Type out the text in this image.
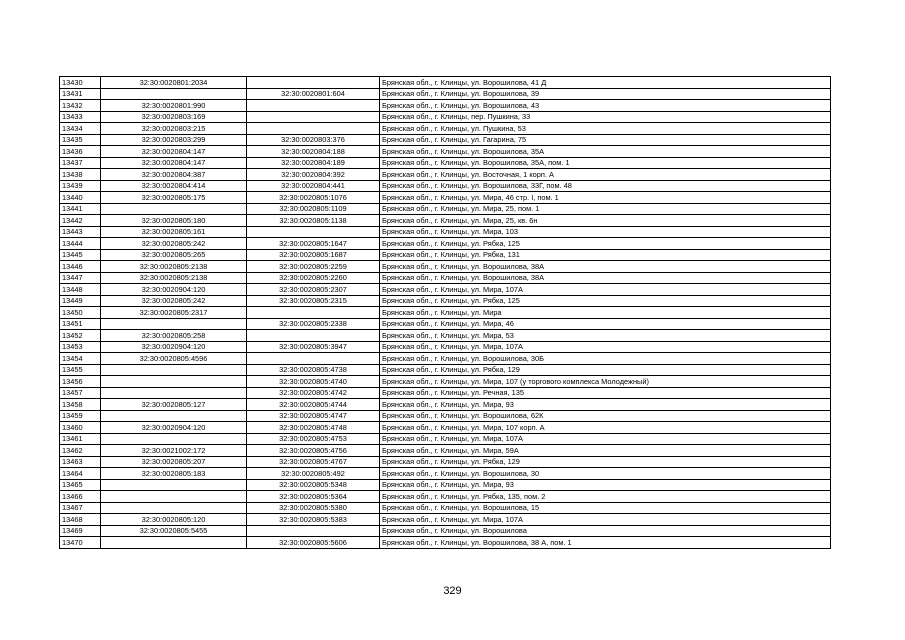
13430	32:30:0020801:2034		Брянская обл., г. Клинцы, ул. Ворошилова, 41 Д
13431		32:30:0020801:604	Брянская обл., г. Клинцы, ул. Ворошилова, 39
13432	32:30:0020801:990		Брянская обл., г. Клинцы, ул. Ворошилова, 43
13433	32:30:0020803:169		Брянская обл., г. Клинцы, пер. Пушкина, 33
13434	32:30:0020803:215		Брянская обл., г. Клинцы, ул. Пушкина, 53
13435	32:30:0020803:299	32:30:0020803:376	Брянская обл., г. Клинцы, ул. Гагарина, 75
13436	32:30:0020804:147	32:30:0020804:188	Брянская обл., г. Клинцы, ул. Ворошилова, 35А
13437	32:30:0020804:147	32:30:0020804:189	Брянская обл., г. Клинцы, ул. Ворошилова, 35А, пом. 1
13438	32:30:0020804:387	32:30:0020804:392	Брянская обл., г. Клинцы, ул. Восточная, 1 корп. А
13439	32:30:0020804:414	32:30:0020804:441	Брянская обл., г. Клинцы, ул. Ворошилова, 33Г, пом. 48
13440	32:30:0020805:175	32:30:0020805:1076	Брянская обл., г. Клинцы, ул. Мира, 46 стр. I, пом. 1
13441		32:30:0020805:1109	Брянская обл., г. Клинцы, ул. Мира, 25, пом. 1
13442	32:30:0020805:180	32:30:0020805:1138	Брянская обл., г. Клинцы, ул. Мира, 25, кв. 6н
13443	32:30:0020805:161		Брянская обл., г. Клинцы, ул. Мира, 103
13444	32:30:0020805:242	32:30:0020805:1647	Брянская обл., г. Клинцы, ул. Рябка, 125
13445	32:30:0020805:265	32:30:0020805:1687	Брянская обл., г. Клинцы, ул. Рябка, 131
13446	32:30:0020805:2138	32:30:0020805:2259	Брянская обл., г. Клинцы, ул. Ворошилова, 38А
13447	32:30:0020805:2138	32:30:0020805:2260	Брянская обл., г. Клинцы, ул. Ворошилова, 38А
13448	32:30:0020904:120	32:30:0020805:2307	Брянская обл., г. Клинцы, ул. Мира, 107А
13449	32:30:0020805:242	32:30:0020805:2315	Брянская обл., г. Клинцы, ул. Рябка, 125
13450	32:30:0020805:2317		Брянская обл., г. Клинцы, ул. Мира
13451		32:30:0020805:2338	Брянская обл., г. Клинцы, ул. Мира, 46
13452	32:30:0020805:258		Брянская обл., г. Клинцы, ул. Мира, 53
13453	32:30:0020904:120	32:30:0020805:3947	Брянская обл., г. Клинцы, ул. Мира, 107А
13454	32:30:0020805:4596		Брянская обл., г. Клинцы, ул. Ворошилова, 30Б
13455		32:30:0020805:4738	Брянская обл., г. Клинцы, ул. Рябка, 129
13456		32:30:0020805:4740	Брянская обл., г. Клинцы, ул. Мира, 107 (у торгового комплекса Молодежный)
13457		32:30:0020805:4742	Брянская обл., г. Клинцы, ул. Речная, 135
13458	32:30:0020805:127	32:30:0020805:4744	Брянская обл., г. Клинцы, ул. Мира, 93
13459		32:30:0020805:4747	Брянская обл., г. Клинцы, ул. Ворошилова, 62К
13460	32:30:0020904:120	32:30:0020805:4748	Брянская обл., г. Клинцы, ул. Мира, 107 корп. А
13461		32:30:0020805:4753	Брянская обл., г. Клинцы, ул. Мира, 107А
13462	32:30:0021002:172	32:30:0020805:4756	Брянская обл., г. Клинцы, ул. Мира, 59А
13463	32:30:0020805:207	32:30:0020805:4767	Брянская обл., г. Клинцы, ул. Рябка, 129
13464	32:30:0020805:183	32:30:0020805:492	Брянская обл., г. Клинцы, ул. Ворошилова, 30
13465		32:30:0020805:5348	Брянская обл., г. Клинцы, ул. Мира, 93
13466		32:30:0020805:5364	Брянская обл., г. Клинцы, ул. Рябка, 135, пом. 2
13467		32:30:0020805:5380	Брянская обл., г. Клинцы, ул. Ворошилова, 15
13468	32:30:0020805:120	32:30:0020805:5383	Брянская обл., г. Клинцы, ул. Мира, 107А
13469	32:30:0020805:5455		Брянская обл., г. Клинцы, ул. Ворошилова
13470		32:30:0020805:5606	Брянская обл., г. Клинцы, ул. Ворошилова, 38 А, пом. 1
329
